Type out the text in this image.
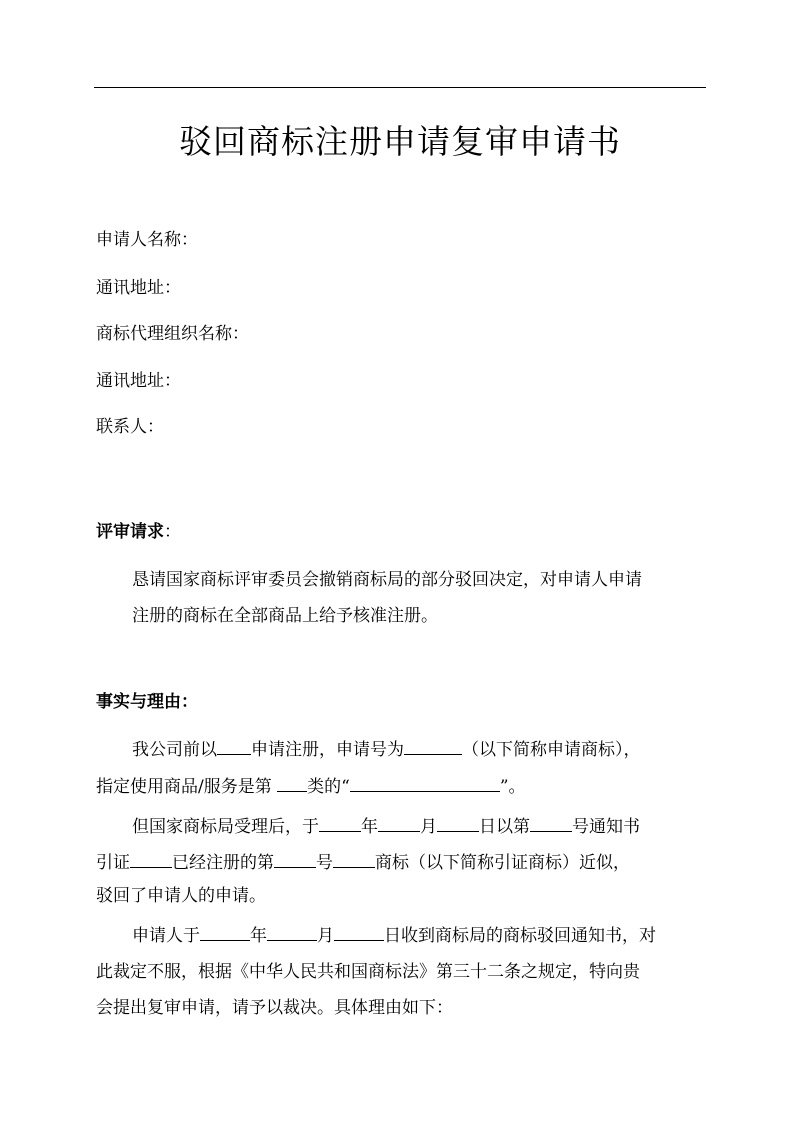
驳回商标注册申请复审申请书
申请人名称：
通讯地址：
商标代理组织名称：
通讯地址：
联系人：
评审请求：
恳请国家商标评审委员会撤销商标局的部分驳回决定，对申请人申请
注册的商标在全部商品上给予核准注册。
事实与理由：
我公司前以 申请注册，申请号为	（以下简称申请商标），
指定使用商品/服务是第 类的“	”。
但国家商标局受理后，于 年 月 日以第 号通知书
引证 已经注册的第 号 商标（以下简称引证商标）近似，
驳回了申请人的申请。
申请人于	年	月	日收到商标局的商标驳回通知书，对
此裁定不服，根据《中华人民共和国商标法》第三十二条之规定，特向贵
会提出复审申请，请予以裁决。具体理由如下：
